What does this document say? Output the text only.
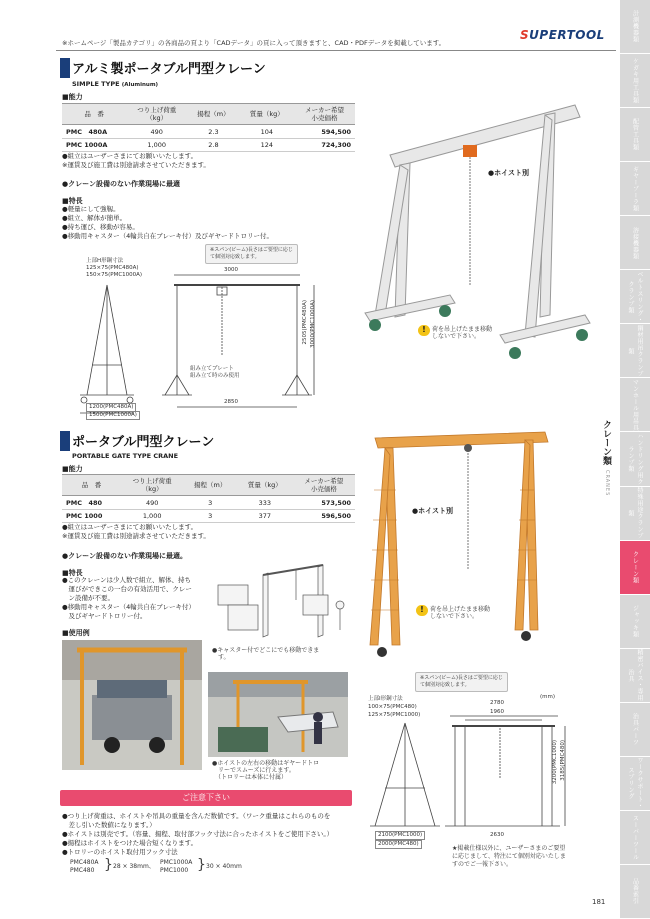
※ホームページ「製品カテゴリ」の各商品の頁より「CADデータ」の頁に入って頂きますと、CAD・PDFデータを掲載しています。
SUPERTOOL
アルミ製ポータブル門型クレーン
SIMPLE TYPE (Aluminum)
■能力
品　番	つり上げ荷重
（kg）	揚程（m）	質量（kg）	メーカー希望
小売価格
PMC　480A	490	2.3	104	594,500
PMC 1000A	1,000	2.8	124	724,300
●組立はユーザーさまにてお願いいたします。
※運賃及び施工費は別途請求させていただきます。
●クレーン設備のない作業現場に最適
■特長
●軽量にして強靱。
●組立、解体が簡単。
●持ち運び、移動が容易。
●移動用キャスター（4輪共自在ブレーキ付）及びギヤードトロリー付。
※スパン(ビーム)長さはご要望に応じ
て個別対応致します。
上部H形鋼寸法
125×75(PMC480A)
150×75(PMC1000A)
3000
2850
組み立てプレート
組み立て時のみ使用
1200(PMC480A)
1500(PMC1000A)
2505(PMC480A) 3000(PMC1000A)
●ホイスト別
!	荷を吊上げたまま移動
しないで下さい。
ポータブル門型クレーン
PORTABLE GATE TYPE CRANE
■能力
品　番	つり上げ荷重
（kg）	揚程（m）	質量（kg）	メーカー希望
小売価格
PMC　480	490	3	333	573,500
PMC 1000	1,000	3	377	596,500
●組立はユーザーさまにてお願いいたします。
※運賃及び施工費は別途請求させていただきます。
●クレーン設備のない作業現場に最適。
■特長
●このクレーンは少人数で組立、解体、持ち
　運びができこの一台の有効活用で、クレー
　ン設備が不要。
●移動用キャスター（4輪共自在ブレーキ付）
　及びギヤードトロリー付。
■使用例
●キャスター付でどこにでも移動できま
　す。
●ホイストの左右の移動はギヤードトロ
　リーでスムーズに行えます。
　（トロリーは本体に付属）
●ホイスト別
!	荷を吊上げたまま移動
しないで下さい。
※スパン(ビーム)長さはご要望に応じ
て個別対応致します。
(mm)
上部I形鋼寸法
100×75(PMC480)
125×75(PMC1000)
2780
1960
3200(PMC1000) 3185(PMC480)
2100(PMC1000)
2000(PMC480)
2630
★掲載仕様以外に、ユーザーさまのご要望
に応じまして、特注にて個別対応いたしま
すのでご一報下さい。
ご注意下さい
●つり上げ荷重は、ホイストや吊具の重量を含んだ数値です。（ワーク重量はこれらのものを
　差し引いた数値になります。）
●ホイストは別売です。（容量、揚程、取付部フック寸法に合ったホイストをご使用下さい。）
●揚程はホイストをつけた場合短くなります。
●トロリーのホイスト取付用フック寸法
PMC480A
PMC480 } 28 × 38mm、
PMC1000A
PMC1000 } 30 × 40mm
クレーン類
CRANES
計測機器類
ケガキ用工具類
配管工具類
ギヤープーラ類
溶接機器類
ベルトスリング・クランプ類
鋼材用吊クランプ類
マンホール用吊具
ハンドリング用クランプ類
特殊用途クランプ類
クレーン類
ジャッキ類
精密バイス・専用治具
治具パーツ
ワークサポート・スプリング
スーパーツール
品番索引
181
